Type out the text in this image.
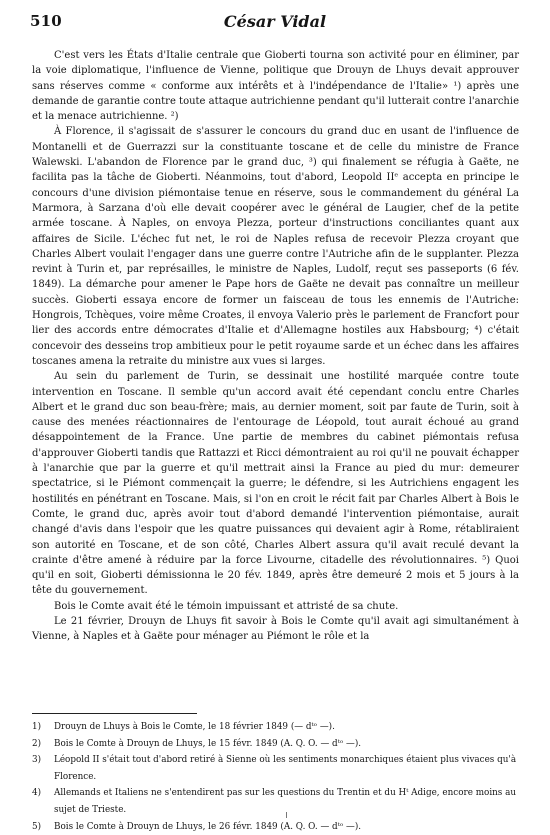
510	César Vidal

C'est vers les États d'Italie centrale que Gioberti tourna son activité pour en éliminer, par la voie diplomatique, l'influence de Vienne, politique que Drouyn de Lhuys devait approuver sans réserves comme « conforme aux intérêts et à l'indépendance de l'Italie» ¹) après une demande de garantie contre toute attaque autrichienne pendant qu'il lutterait contre l'anarchie et la menace autrichienne. ²)

À Florence, il s'agissait de s'assurer le concours du grand duc en usant de l'influence de Montanelli et de Guerrazzi sur la constituante toscane et de celle du ministre de France Walewski. L'abandon de Florence par le grand duc, ³) qui finalement se réfugia à Gaëte, ne facilita pas la tâche de Gioberti. Néanmoins, tout d'abord, Leopold IIᵉ accepta en principe le concours d'une division piémontaise tenue en réserve, sous le commandement du général La Marmora, à Sarzana d'où elle devait coopérer avec le général de Laugier, chef de la petite armée toscane. À Naples, on envoya Plezza, porteur d'instructions conciliantes quant aux affaires de Sicile. L'échec fut net, le roi de Naples refusa de recevoir Plezza croyant que Charles Albert voulait l'engager dans une guerre contre l'Autriche afin de le supplanter. Plezza revint à Turin et, par représailles, le ministre de Naples, Ludolf, reçut ses passeports (6 fév. 1849). La démarche pour amener le Pape hors de Gaëte ne devait pas connaître un meilleur succès. Gioberti essaya encore de former un faisceau de tous les ennemis de l'Autriche: Hongrois, Tchèques, voire même Croates, il envoya Valerio près le parlement de Francfort pour lier des accords entre démocrates d'Italie et d'Allemagne hostiles aux Habsbourg; ⁴) c'était concevoir des desseins trop ambitieux pour le petit royaume sarde et un échec dans les affaires toscanes amena la retraite du ministre aux vues si larges.

Au sein du parlement de Turin, se dessinait une hostilité marquée contre toute intervention en Toscane. Il semble qu'un accord avait été cependant conclu entre Charles Albert et le grand duc son beau-frère; mais, au dernier moment, soit par faute de Turin, soit à cause des menées réactionnaires de l'entourage de Léopold, tout aurait échoué au grand désappointement de la France. Une partie de membres du cabinet piémontais refusa d'approuver Gioberti tandis que Rattazzi et Ricci démontraient au roi qu'il ne pouvait échapper à l'anarchie que par la guerre et qu'il mettrait ainsi la France au pied du mur: demeurer spectatrice, si le Piémont commençait la guerre; le défendre, si les Autrichiens engagent les hostilités en pénétrant en Toscane. Mais, si l'on en croit le récit fait par Charles Albert à Bois le Comte, le grand duc, après avoir tout d'abord demandé l'intervention piémontaise, aurait changé d'avis dans l'espoir que les quatre puissances qui devaient agir à Rome, rétabliraient son autorité en Toscane, et de son côté, Charles Albert assura qu'il avait reculé devant la crainte d'être amené à réduire par la force Livourne, citadelle des révolutionnaires. ⁵) Quoi qu'il en soit, Gioberti démissionna le 20 fév. 1849, après être demeuré 2 mois et 5 jours à la tête du gouvernement.

Bois le Comte avait été le témoin impuissant et attristé de sa chute.

Le 21 février, Drouyn de Lhuys fit savoir à Bois le Comte qu'il avait agi simultanément à Vienne, à Naples et à Gaëte pour ménager au Piémont le rôle et la

1) Drouyn de Lhuys à Bois le Comte, le 18 février 1849 (— dᵗᵒ —).

2) Bois le Comte à Drouyn de Lhuys, le 15 févr. 1849 (A. Q. O. — dᵗᵒ —).

3) Léopold II s'était tout d'abord retiré à Sienne où les sentiments monarchiques étaient plus vivaces qu'à Florence.

4) Allemands et Italiens ne s'entendirent pas sur les questions du Trentin et du Hᵗ Adige, encore moins au sujet de Trieste.

5) Bois le Comte à Drouyn de Lhuys, le 26 févr. 1849 (A. Q. O. — dᵗᵒ —).
